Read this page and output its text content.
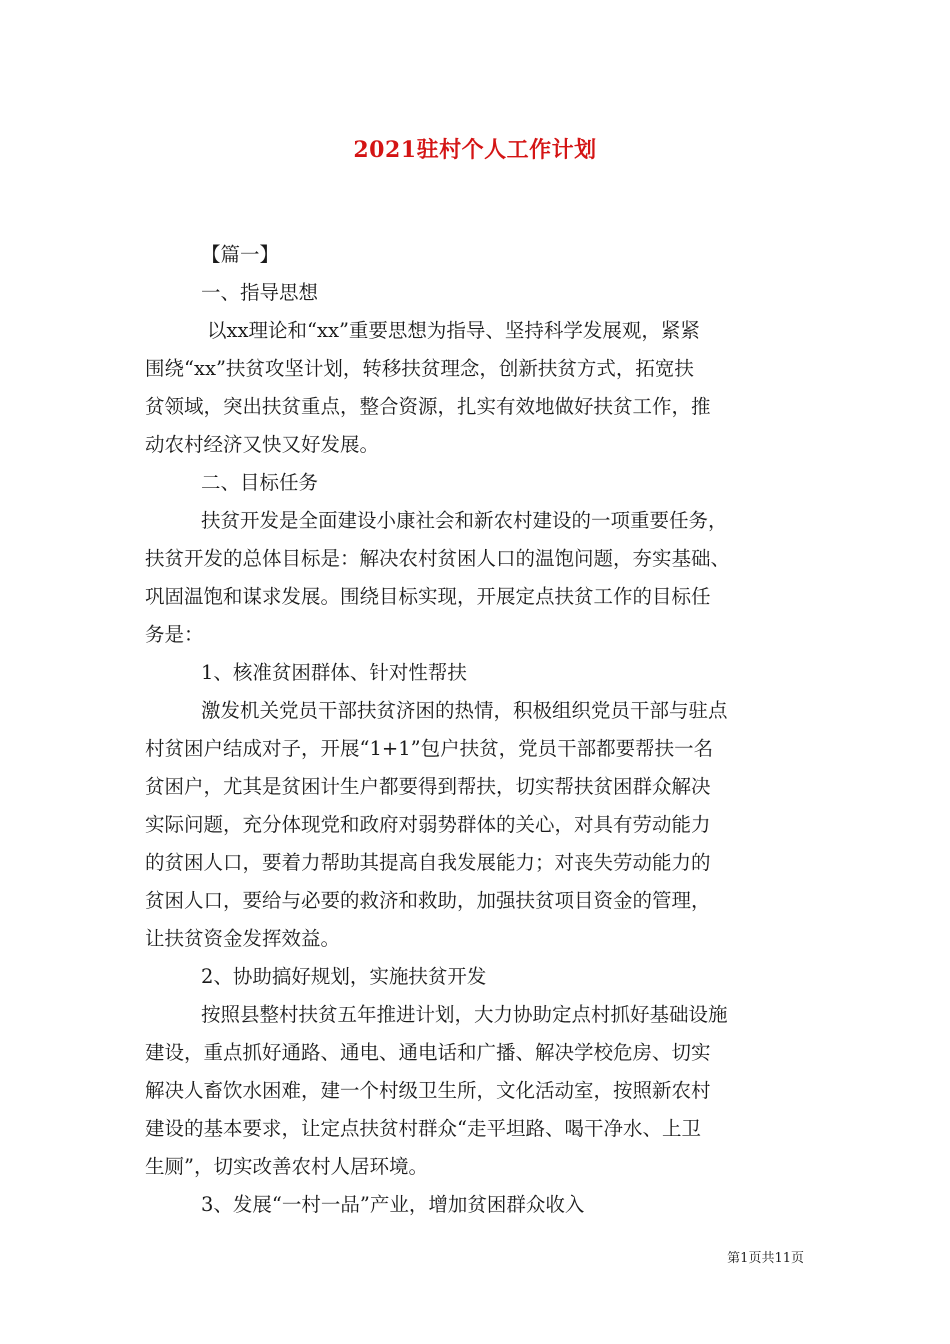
2021驻村个人工作计划

【篇一】

一、指导思想

以xx理论和“xx”重要思想为指导、坚持科学发展观，紧紧

围绕“xx”扶贫攻坚计划，转移扶贫理念，创新扶贫方式，拓宽扶

贫领域，突出扶贫重点，整合资源，扎实有效地做好扶贫工作，推

动农村经济又快又好发展。

二、目标任务

扶贫开发是全面建设小康社会和新农村建设的一项重要任务，

扶贫开发的总体目标是：解决农村贫困人口的温饱问题，夯实基础、

巩固温饱和谋求发展。围绕目标实现，开展定点扶贫工作的目标任

务是：

1、核准贫困群体、针对性帮扶

激发机关党员干部扶贫济困的热情，积极组织党员干部与驻点

村贫困户结成对子，开展“1+1”包户扶贫，党员干部都要帮扶一名

贫困户，尤其是贫困计生户都要得到帮扶，切实帮扶贫困群众解决

实际问题，充分体现党和政府对弱势群体的关心，对具有劳动能力

的贫困人口，要着力帮助其提高自我发展能力；对丧失劳动能力的

贫困人口，要给与必要的救济和救助，加强扶贫项目资金的管理，

让扶贫资金发挥效益。

2、协助搞好规划，实施扶贫开发

按照县整村扶贫五年推进计划，大力协助定点村抓好基础设施

建设，重点抓好通路、通电、通电话和广播、解决学校危房、切实

解决人畜饮水困难，建一个村级卫生所，文化活动室，按照新农村

建设的基本要求，让定点扶贫村群众“走平坦路、喝干净水、上卫

生厕”，切实改善农村人居环境。

3、发展“一村一品”产业，增加贫困群众收入

第1页共11页
